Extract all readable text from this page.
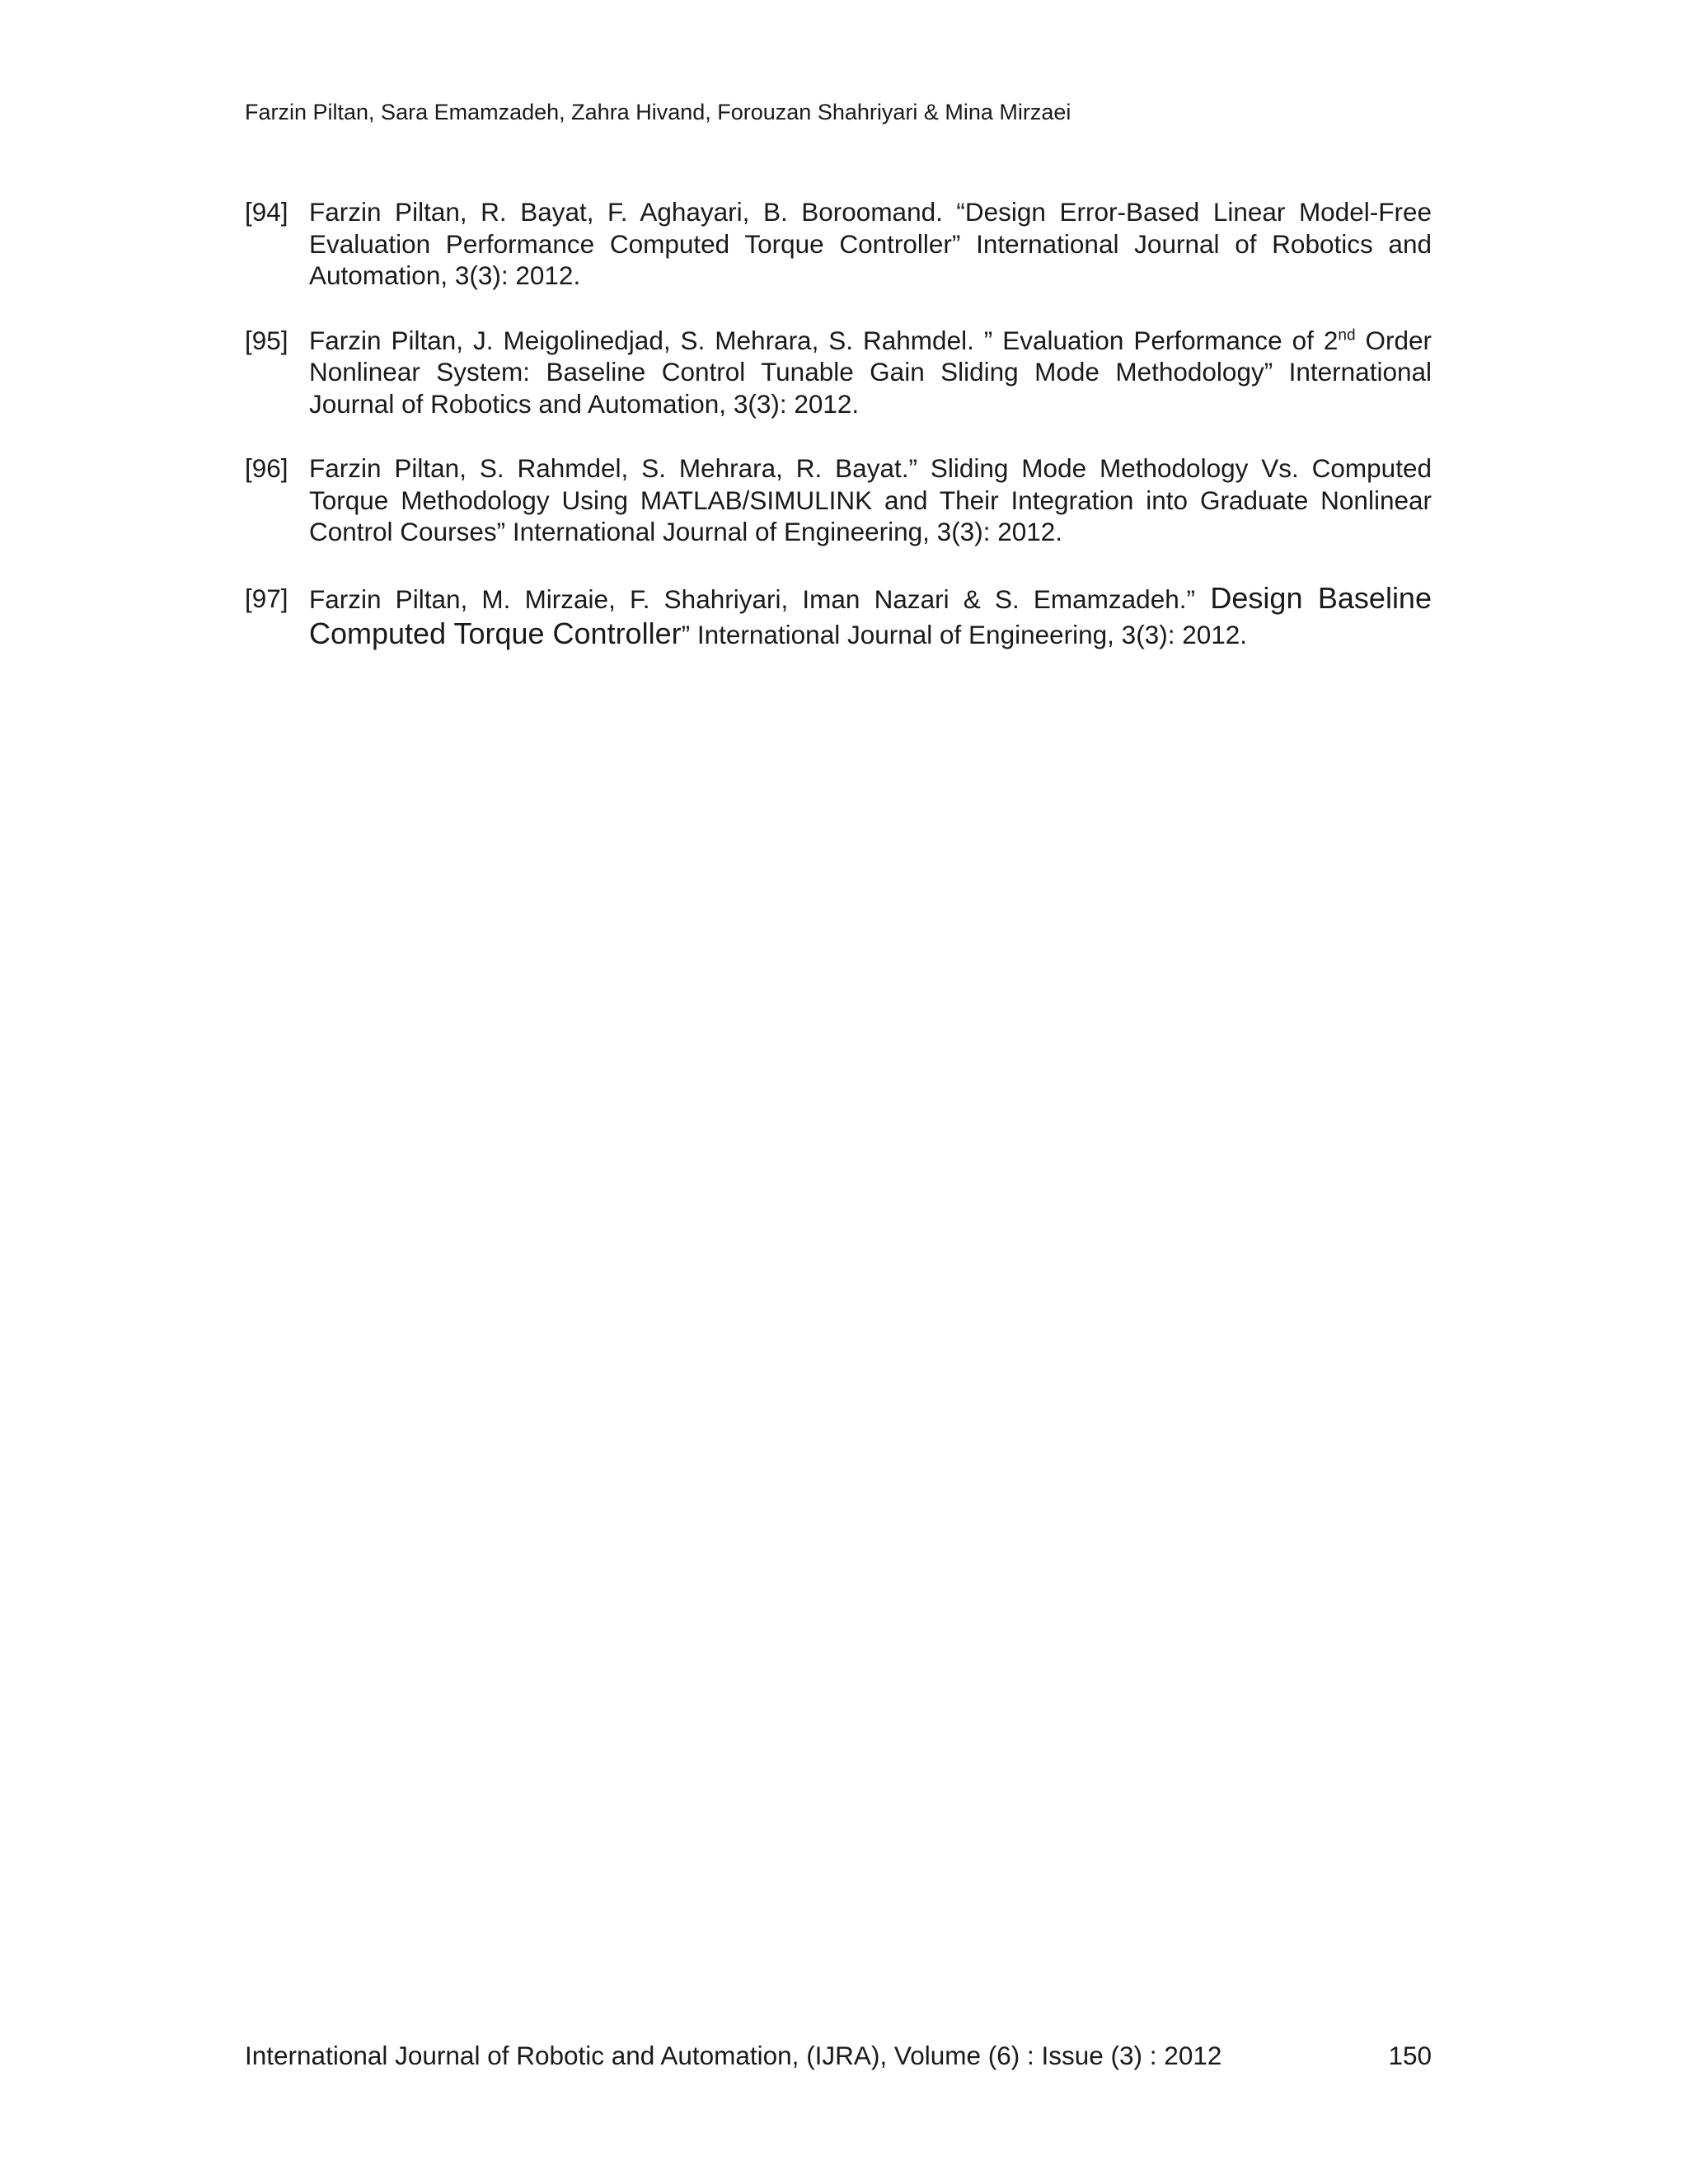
Farzin Piltan, Sara Emamzadeh, Zahra Hivand, Forouzan Shahriyari & Mina Mirzaei
[94] Farzin Piltan, R. Bayat, F. Aghayari, B. Boroomand. “Design Error-Based Linear Model-Free Evaluation Performance Computed Torque Controller” International Journal of Robotics and Automation, 3(3): 2012.
[95] Farzin Piltan, J. Meigolinedjad, S. Mehrara, S. Rahmdel. ” Evaluation Performance of 2nd Order Nonlinear System: Baseline Control Tunable Gain Sliding Mode Methodology” International Journal of Robotics and Automation, 3(3): 2012.
[96] Farzin Piltan, S. Rahmdel, S. Mehrara, R. Bayat.” Sliding Mode Methodology Vs. Computed Torque Methodology Using MATLAB/SIMULINK and Their Integration into Graduate Nonlinear Control Courses” International Journal of Engineering, 3(3): 2012.
[97] Farzin Piltan, M. Mirzaie, F. Shahriyari, Iman Nazari & S. Emamzadeh.” Design Baseline Computed Torque Controller” International Journal of Engineering, 3(3): 2012.
International Journal of Robotic and Automation, (IJRA), Volume (6) : Issue (3) : 2012	150
